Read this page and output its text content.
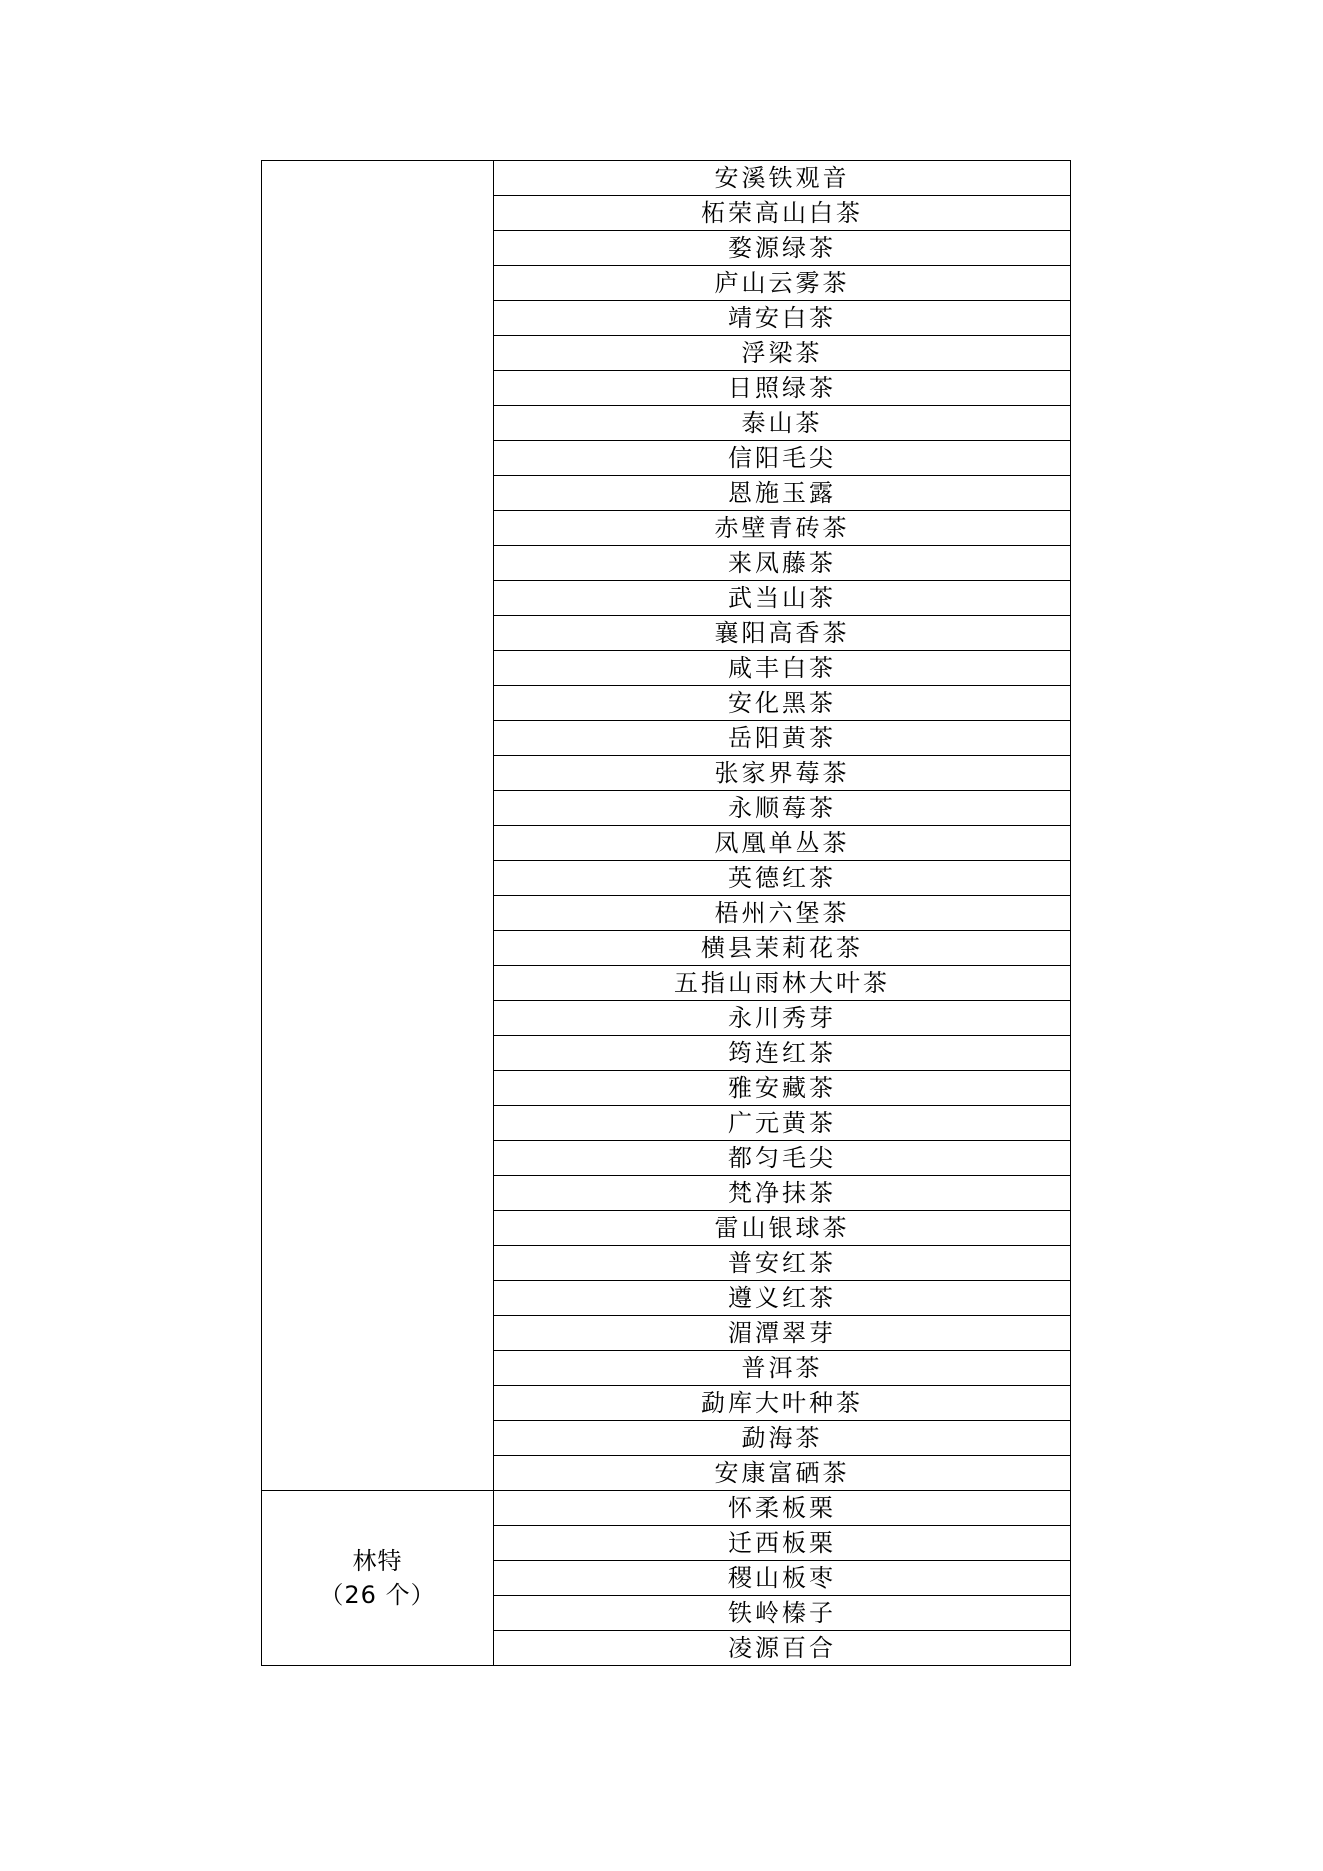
	安溪铁观音
	柘荣高山白茶
	婺源绿茶
	庐山云雾茶
	靖安白茶
	浮梁茶
	日照绿茶
	泰山茶
	信阳毛尖
	恩施玉露
	赤壁青砖茶
	来凤藤茶
	武当山茶
	襄阳高香茶
	咸丰白茶
	安化黑茶
	岳阳黄茶
	张家界莓茶
	永顺莓茶
	凤凰单丛茶
	英德红茶
	梧州六堡茶
	横县茉莉花茶
	五指山雨林大叶茶
	永川秀芽
	筠连红茶
	雅安藏茶
	广元黄茶
	都匀毛尖
	梵净抹茶
	雷山银球茶
	普安红茶
	遵义红茶
	湄潭翠芽
	普洱茶
	勐库大叶种茶
	勐海茶
	安康富硒茶

林特
（26 个）	怀柔板栗
	迁西板栗
	稷山板枣
	铁岭榛子
	凌源百合
